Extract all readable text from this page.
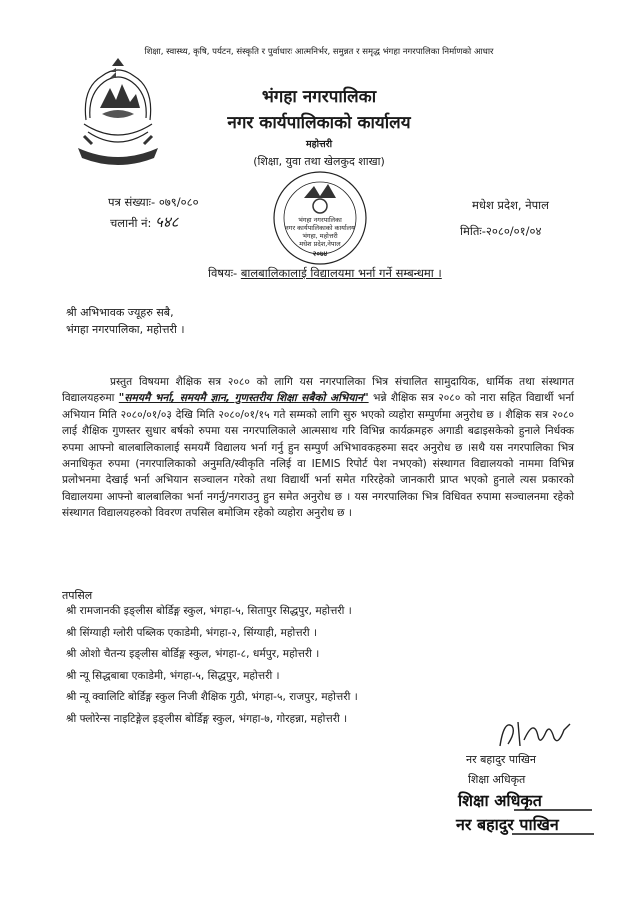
शिक्षा, स्वास्थ्य, कृषि, पर्यटन, संस्कृति र पुर्वाधारः आत्मनिर्भर, समुन्नत र समृद्ध भंगहा नगरपालिका निर्माणको आधार
भंगहा नगरपालिका
नगर कार्यपालिकाको कार्यालय
महोत्तरी
(शिक्षा, युवा तथा खेलकुद शाखा)
भंगहा नगरपालिका
नगर कार्यपालिकाको कार्यालय
भंगहा, महोत्तरी
मधेश प्रदेश,नेपाल
२०७४
पत्र संख्याः- ०७९/०८०
चलानी नं: ५४८
मधेश प्रदेश, नेपाल
मितिः-२०८०/०१/०४
विषयः- बालबालिकालाई विद्यालयमा भर्ना गर्ने सम्बन्धमा ।
श्री अभिभावक ज्यूहरु सबै,
भंगहा नगरपालिका, महोत्तरी ।

प्रस्तुत विषयमा शैक्षिक सत्र २०८० को लागि यस नगरपालिका भित्र संचालित सामुदायिक, धार्मिक तथा संस्थागत विद्यालयहरुमा "समयमै भर्ना, समयमै ज्ञान, गुणस्तरीय शिक्षा सबैको अभियान" भन्ने शैक्षिक सत्र २०८० को नारा सहित विद्यार्थी भर्ना अभियान मिति २०८०/०१/०३ देखि मिति २०८०/०१/१५ गते सम्मको लागि सुरु भएको व्यहोरा सम्पुर्णमा अनुरोध छ । शैक्षिक सत्र २०८० लाई शैक्षिक गुणस्तर सुधार बर्षको रुपमा यस नगरपालिकाले आत्मसाथ गरि विभिन्न कार्यक्रमहरु अगाडी बढाइसकेको हुनाले निर्धक्क रुपमा आफ्नो बालबालिकालाई समयमैं विद्यालय भर्ना गर्नु हुन सम्पुर्ण अभिभावकहरुमा सदर अनुरोध छ ।सथै यस नगरपालिका भित्र अनाधिकृत रुपमा (नगरपालिकाको अनुमति/स्वीकृति नलिई वा IEMIS रिपोर्ट पेश नभएको) संस्थागत विद्यालयको नाममा विभिन्न प्रलोभनमा देखाई भर्ना अभियान सञ्चालन गरेको तथा विद्यार्थी भर्ना समेत गरिरहेको जानकारी प्राप्त भएको हुनाले त्यस प्रकारको विद्यालयमा आफ्नो बालबालिका भर्ना नगर्नु/नगराउनु हुन समेत अनुरोध छ । यस नगरपालिका भित्र विधिवत रुपामा सञ्चालनमा रहेको संस्थागत विद्यालयहरुको विवरण तपसिल बमोजिम रहेको व्यहोरा अनुरोध छ ।

तपसिल
श्री रामजानकी इङ्लीस बोर्डिङ्ग स्कुल, भंगहा-५, सितापुर सिद्धपुर, महोत्तरी ।
श्री सिंग्याही ग्लोरी पब्लिक एकाडेमी, भंगहा-२, सिंग्याही, महोत्तरी ।
श्री ओशो चैतन्य इङ्लीस बोर्डिङ्ग स्कुल, भंगहा-८, धर्मपुर, महोत्तरी ।
श्री न्यू सिद्धबाबा एकाडेमी, भंगहा-५, सिद्धपुर, महोत्तरी ।
श्री न्यू क्वालिटि बोर्डिङ्ग स्कुल निजी शैक्षिक गुठी, भंगहा-५, राजपुर, महोत्तरी ।
श्री फ्लोरेन्स नाइटिङ्गेल इङ्लीस बोर्डिङ्ग स्कुल, भंगहा-७, गोरहन्ना, महोत्तरी ।
नर बहादुर पाखिन
शिक्षा अधिकृत
शिक्षा अधिकृत
नर बहादुर पाखिन
